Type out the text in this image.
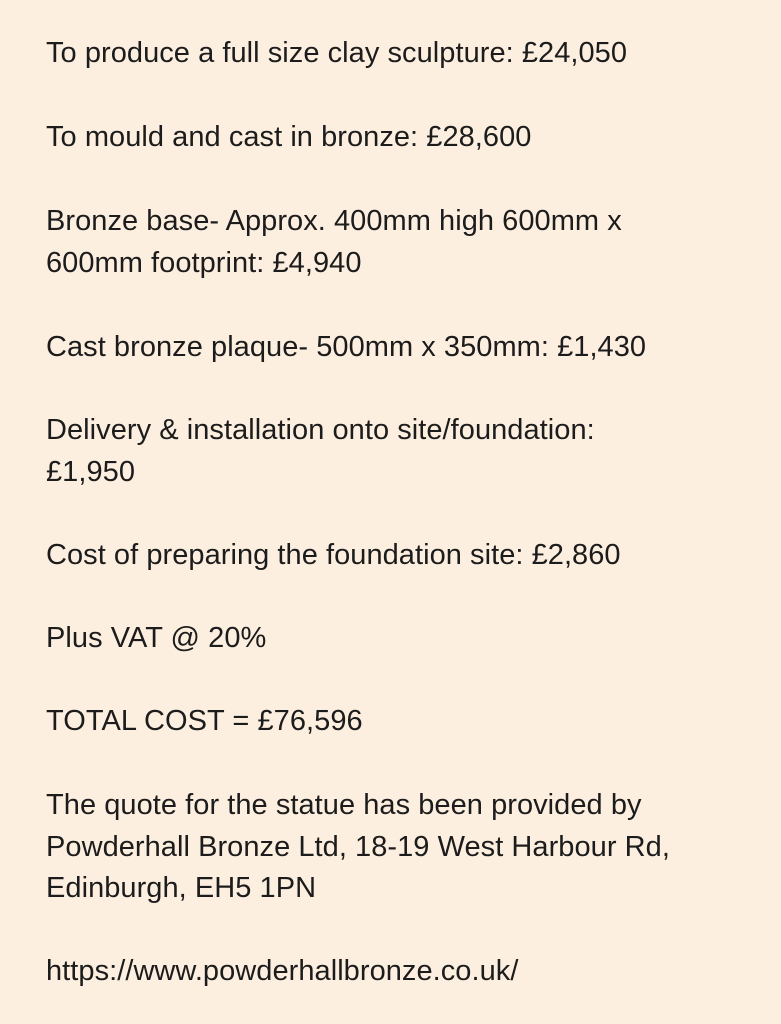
To produce a full size clay sculpture: £24,050

To mould and cast in bronze: £28,600

Bronze base- Approx. 400mm high 600mm x

600mm footprint: £4,940

Cast bronze plaque- 500mm x 350mm: £1,430

Delivery & installation onto site/foundation:

£1,950

Cost of preparing the foundation site: £2,860

Plus VAT @ 20%

TOTAL COST = £76,596

The quote for the statue has been provided by

Powderhall Bronze Ltd, 18-19 West Harbour Rd,

Edinburgh, EH5 1PN

https://www.powderhallbronze.co.uk/
